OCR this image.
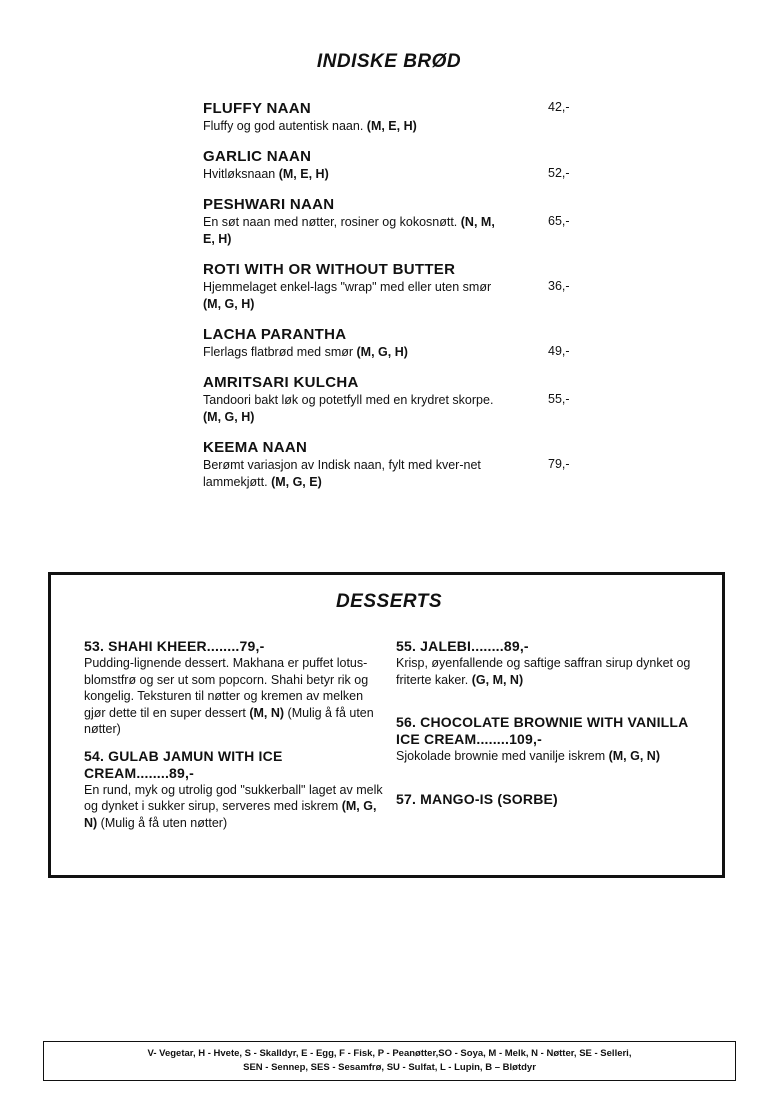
INDISKE BRØD
FLUFFY NAAN
Fluffy og god autentisk naan. (M, E, H)
42,-
GARLIC NAAN
Hvitløksnaan (M, E, H)	52,-
PESHWARI NAAN
En søt naan med nøtter, rosiner og kokosnøtt. (N, M, E, H)
65,-
ROTI WITH OR WITHOUT BUTTER
Hjemmelaget enkel-lags "wrap" med eller uten smør (M, G, H)
36,-
LACHA PARANTHA
Flerlags flatbrød med smør (M, G, H)	49,-
AMRITSARI KULCHA
Tandoori bakt løk og potetfyll med en krydret skorpe. (M, G, H)
55,-
KEEMA NAAN
Berømt variasjon av Indisk naan, fylt med kver-net lammekjøtt. (M, G, E)
79,-
DESSERTS
53. SHAHI KHEER........79,-
Pudding-lignende dessert. Makhana er puffet lotus-blomstfrø og ser ut som popcorn. Shahi betyr rik og kongelig. Teksturen til nøtter og kremen av melken gjør dette til en super dessert (M, N) (Mulig å få uten nøtter)
54. GULAB JAMUN WITH ICE CREAM........89,-
En rund, myk og utrolig god "sukkerball" laget av melk og dynket i sukker sirup, serveres med iskrem (M, G, N) (Mulig å få uten nøtter)
55. JALEBI........89,-
Krisp, øyenfallende og saftige saffran sirup dynket og friterte kaker. (G, M, N)
56. CHOCOLATE BROWNIE WITH VANILLA ICE CREAM........109,-
Sjokolade brownie med vanilje iskrem (M, G, N)
57. MANGO-IS (SORBE)
V- Vegetar, H - Hvete, S - Skalldyr, E - Egg, F - Fisk, P - Peanøtter,SO - Soya, M - Melk, N - Nøtter, SE - Selleri,
SEN - Sennep, SES - Sesamfrø, SU - Sulfat, L - Lupin, B – Bløtdyr
